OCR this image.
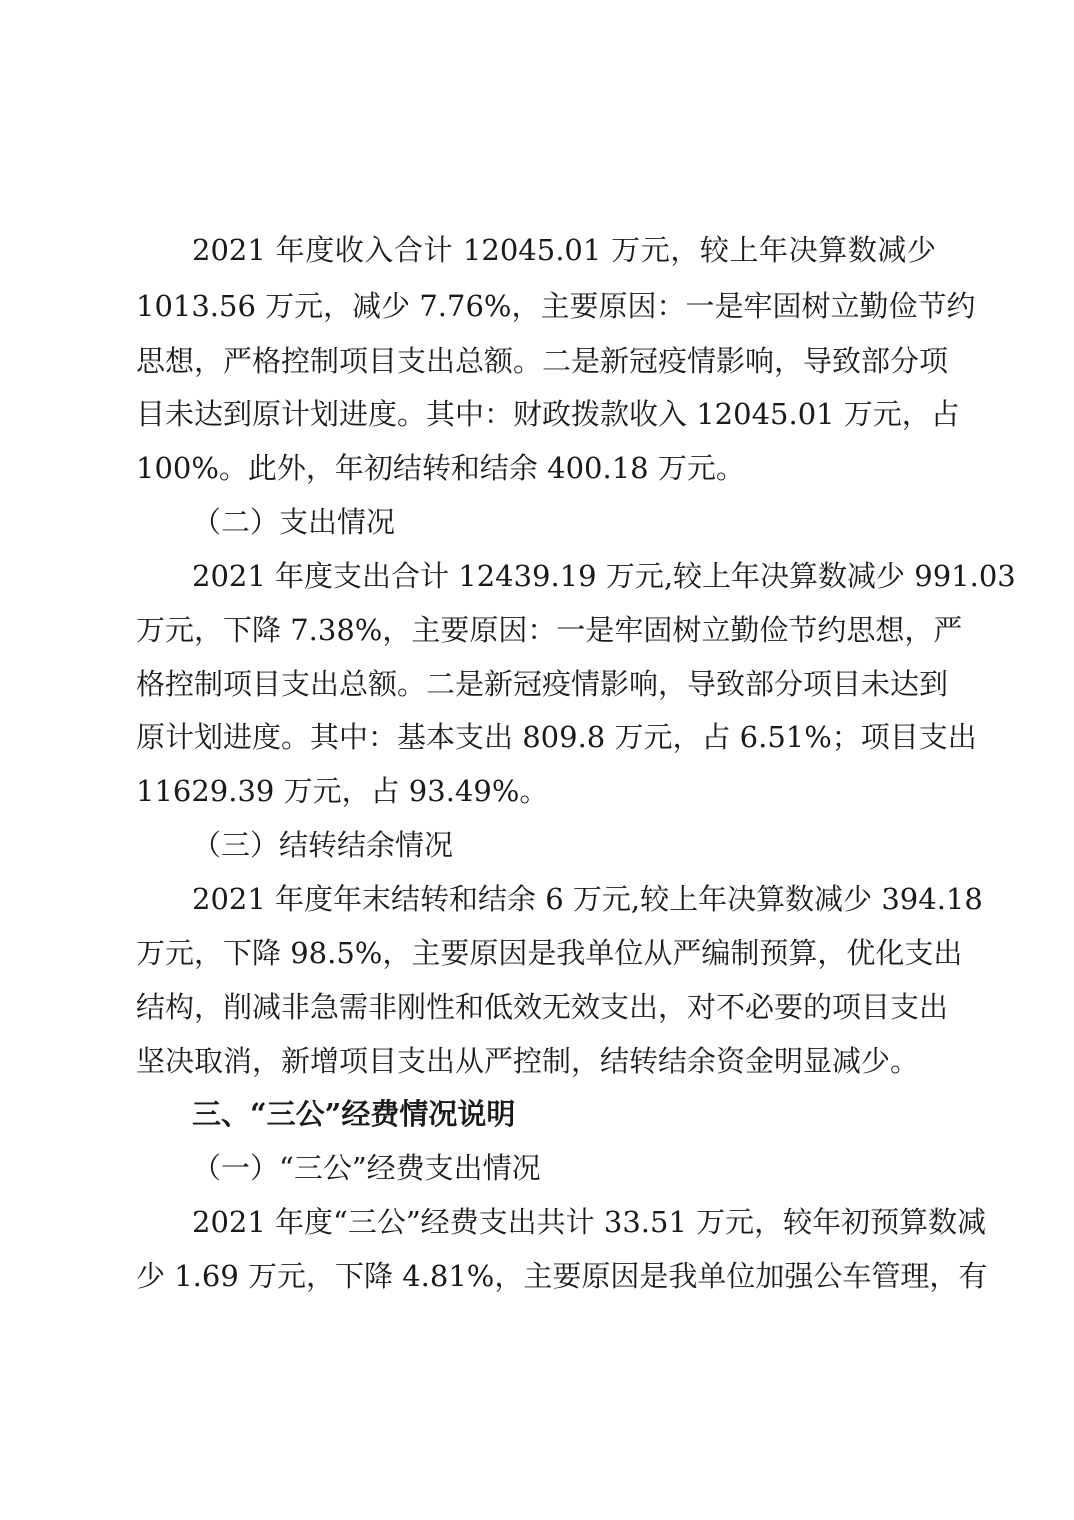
2021 年度收入合计 12045.01 万元，较上年决算数减少
1013.56 万元，减少 7.76%，主要原因：一是牢固树立勤俭节约
思想，严格控制项目支出总额。二是新冠疫情影响，导致部分项
目未达到原计划进度。其中：财政拨款收入 12045.01 万元，占
100%。此外，年初结转和结余 400.18 万元。
（二）支出情况
2021 年度支出合计 12439.19 万元,较上年决算数减少 991.03
万元，下降 7.38%，主要原因：一是牢固树立勤俭节约思想，严
格控制项目支出总额。二是新冠疫情影响，导致部分项目未达到
原计划进度。其中：基本支出 809.8 万元，占 6.51%；项目支出
11629.39 万元，占 93.49%。
（三）结转结余情况
2021 年度年末结转和结余 6 万元,较上年决算数减少 394.18
万元，下降 98.5%，主要原因是我单位从严编制预算，优化支出
结构，削减非急需非刚性和低效无效支出，对不必要的项目支出
坚决取消，新增项目支出从严控制，结转结余资金明显减少。
三、“三公”经费情况说明
（一）“三公”经费支出情况
2021 年度“三公”经费支出共计 33.51 万元，较年初预算数减
少 1.69 万元，下降 4.81%，主要原因是我单位加强公车管理，有
